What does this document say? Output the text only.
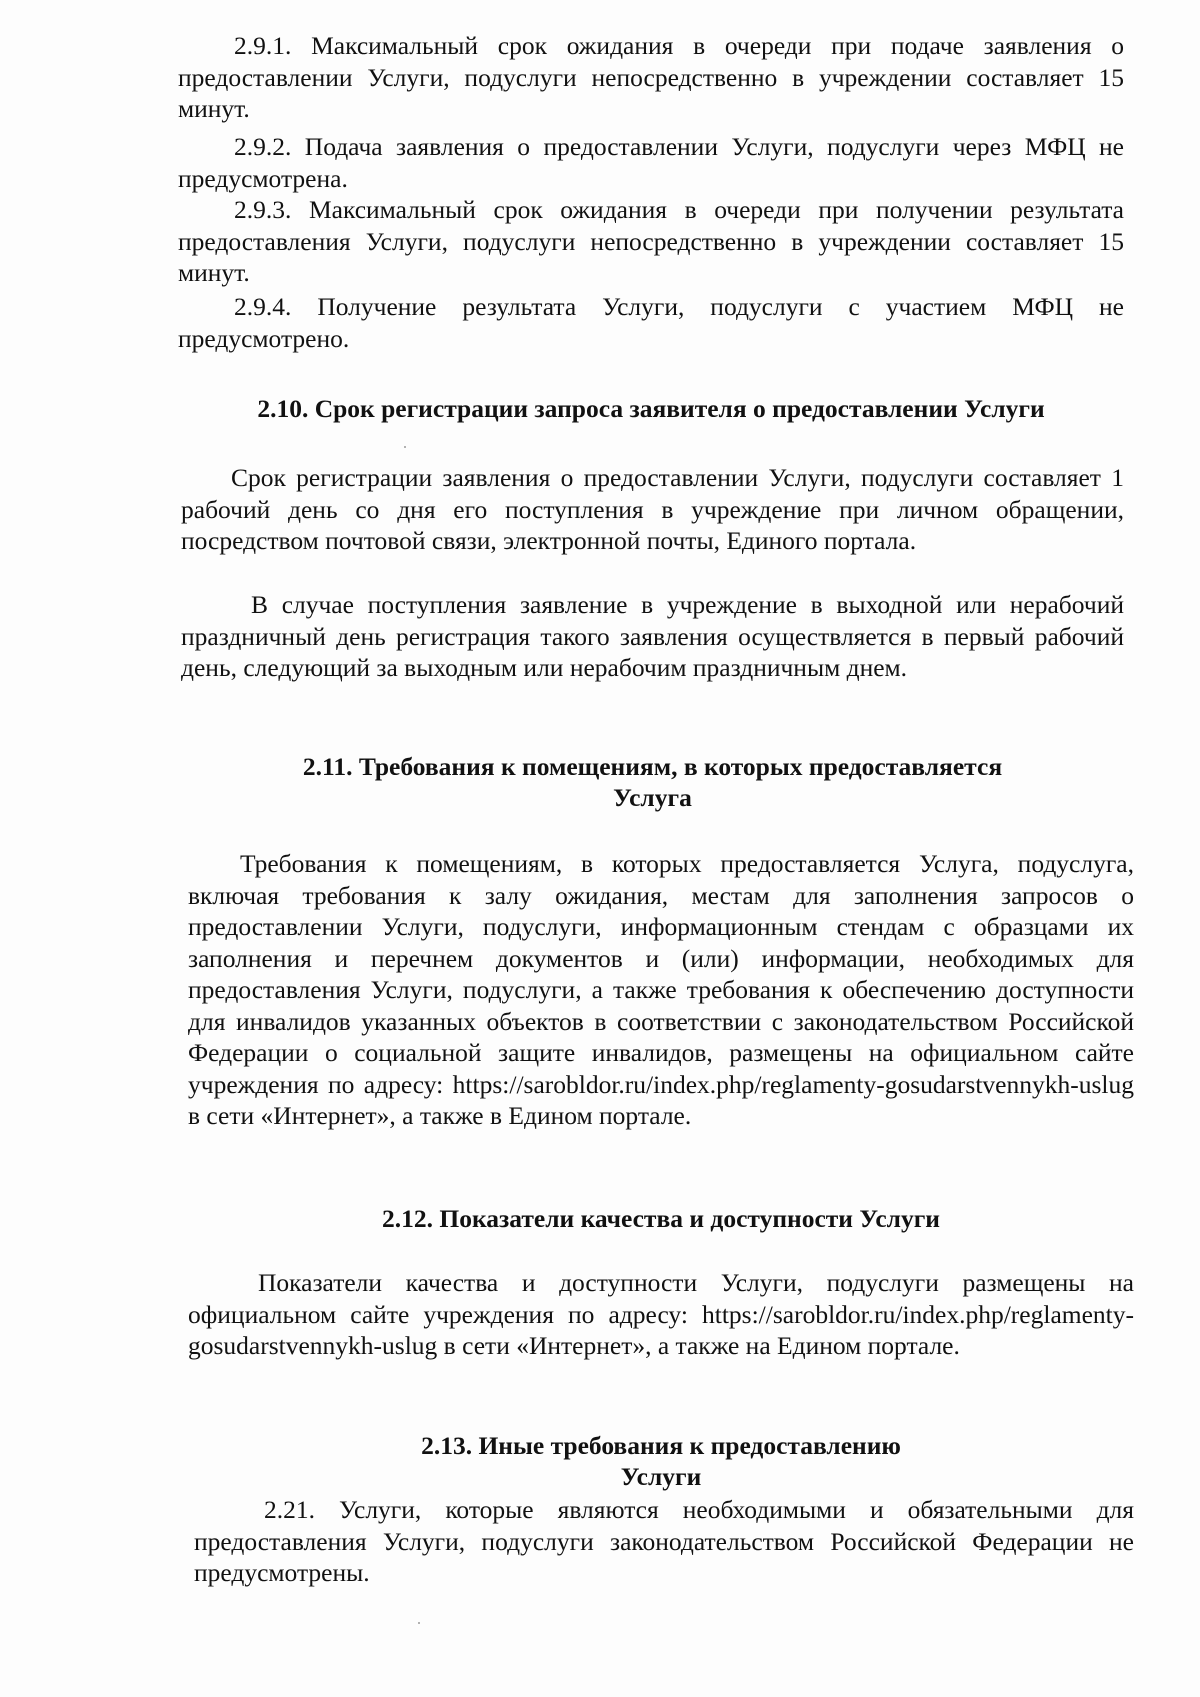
2.9.1. Максимальный срок ожидания в очереди при подаче заявления о предоставлении Услуги, подуслуги непосредственно в учреждении составляет 15 минут.

2.9.2. Подача заявления о предоставлении Услуги, подуслуги через МФЦ не предусмотрена.

2.9.3. Максимальный срок ожидания в очереди при получении результата предоставления Услуги, подуслуги непосредственно в учреждении составляет 15 минут.

2.9.4. Получение результата Услуги, подуслуги с участием МФЦ не предусмотрено.

2.10. Срок регистрации запроса заявителя о предоставлении Услуги

Срок регистрации заявления о предоставлении Услуги, подуслуги составляет 1 рабочий день со дня его поступления в учреждение при личном обращении, посредством почтовой связи, электронной почты, Единого портала.

В случае поступления заявление в учреждение в выходной или нерабочий праздничный день регистрация такого заявления осуществляется в первый рабочий день, следующий за выходным или нерабочим праздничным днем.

2.11. Требования к помещениям, в которых предоставляется
Услуга

Требования к помещениям, в которых предоставляется Услуга, подуслуга, включая требования к залу ожидания, местам для заполнения запросов о предоставлении Услуги, подуслуги, информационным стендам с образцами их заполнения и перечнем документов и (или) информации, необходимых для предоставления Услуги, подуслуги, а также требования к обеспечению доступности для инвалидов указанных объектов в соответствии с законодательством Российской Федерации о социальной защите инвалидов, размещены на официальном сайте учреждения по адресу: https://sarobldor.ru/index.php/reglamenty-gosudarstvennykh-uslug в сети «Интернет», а также в Едином портале.

2.12. Показатели качества и доступности Услуги

Показатели качества и доступности Услуги, подуслуги размещены на официальном сайте учреждения по адресу: https://sarobldor.ru/index.php/reglamenty-gosudarstvennykh-uslug в сети «Интернет», а также на Едином портале.

2.13. Иные требования к предоставлению
Услуги

2.21. Услуги, которые являются необходимыми и обязательными для предоставления Услуги, подуслуги законодательством Российской Федерации не предусмотрены.
